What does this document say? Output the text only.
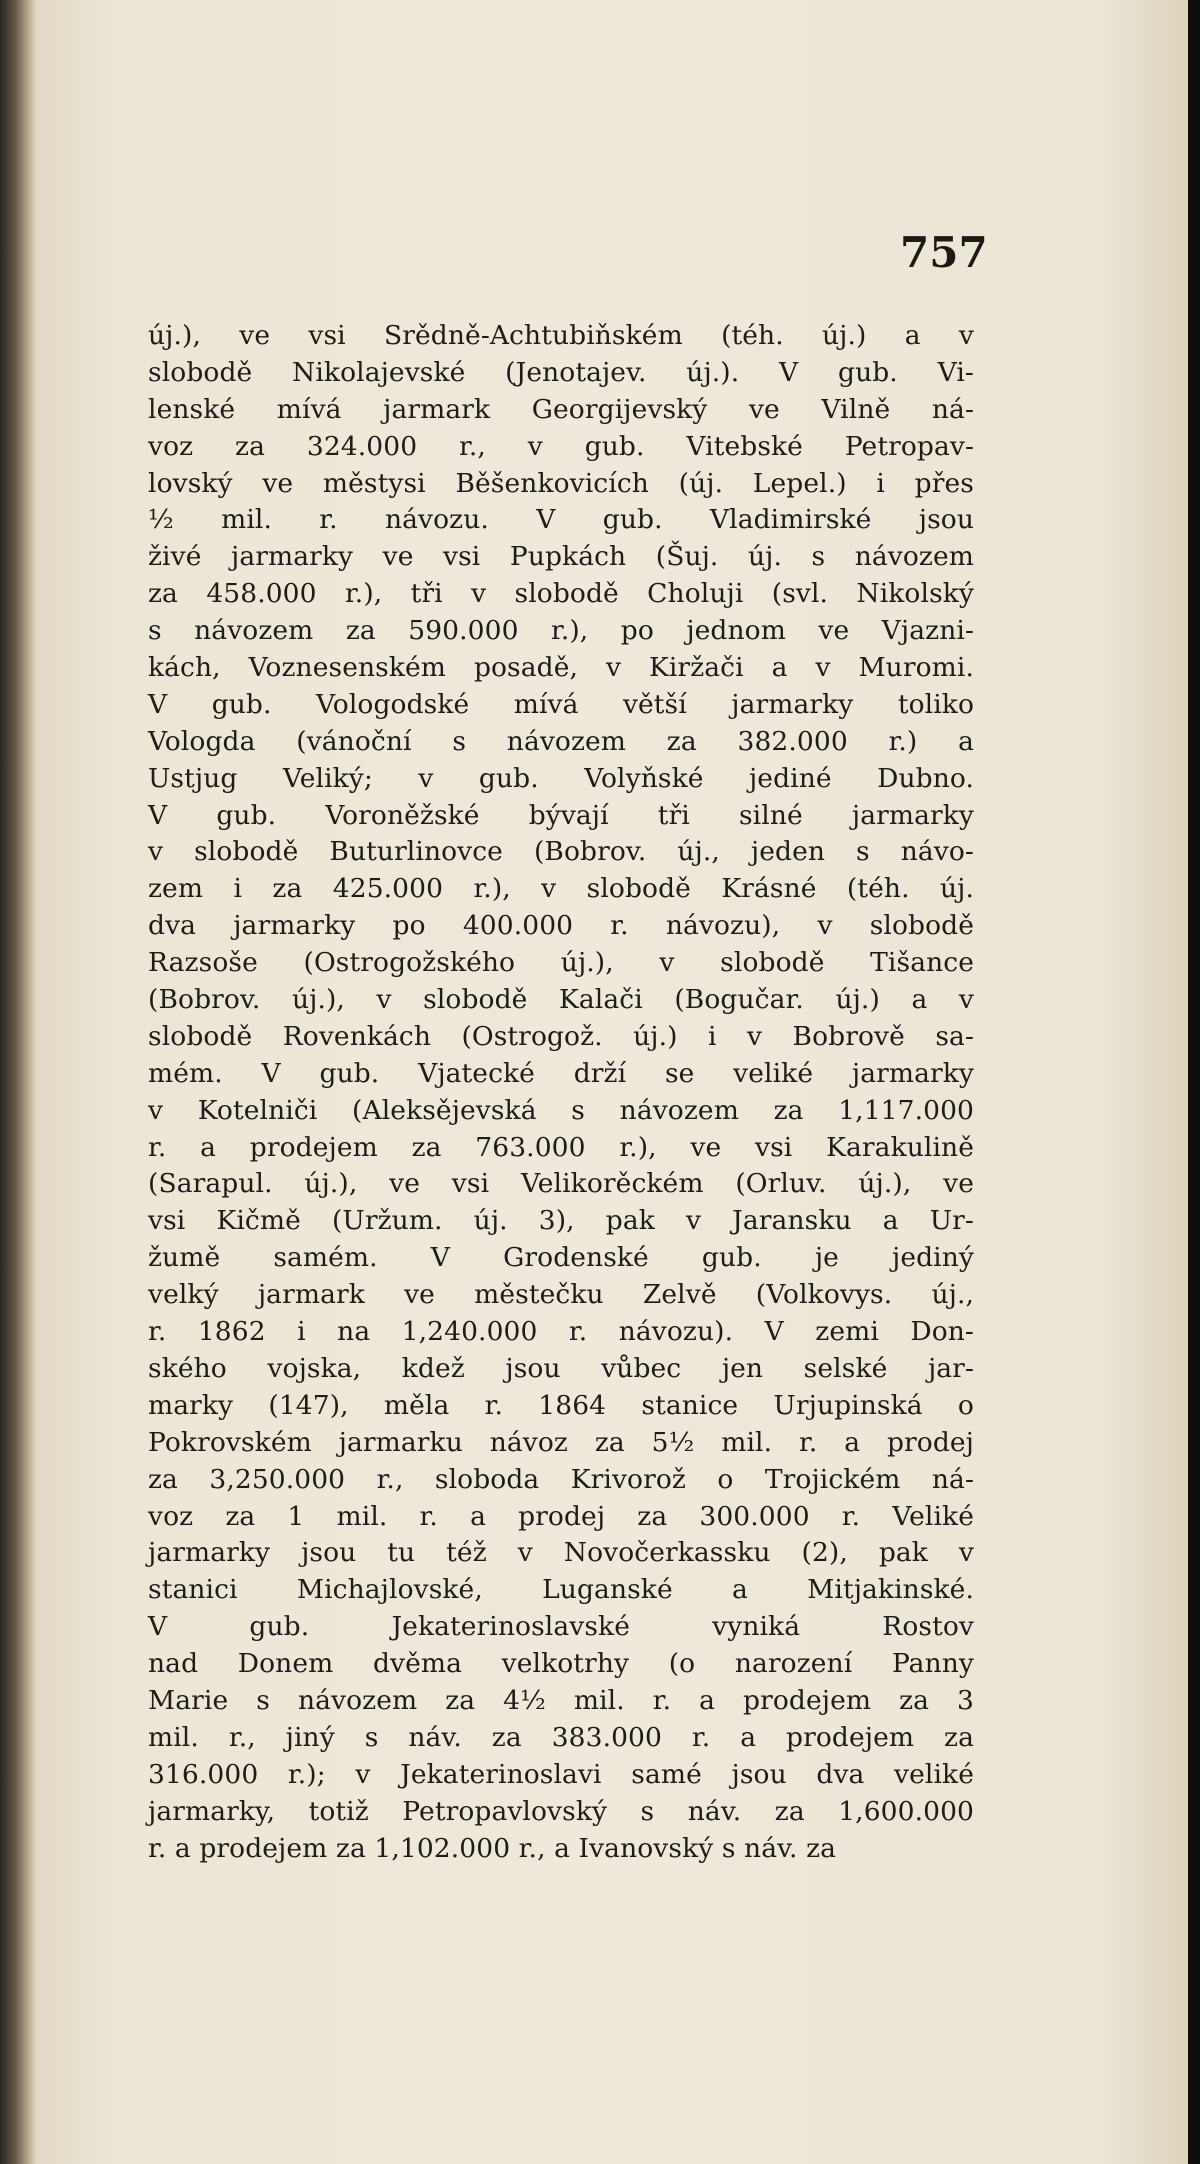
757
új.), ve vsi Srědně-Achtubiňském (téh. új.) a v
slobodě Nikolajevské (Jenotajev. új.). V gub. Vi-
lenské mívá jarmark Georgijevský ve Vilně ná-
voz za 324.000 r., v gub. Vitebské Petropav-
lovský ve městysi Běšenkovicích (új. Lepel.) i přes
½ mil. r. návozu. V gub. Vladimirské jsou
živé jarmarky ve vsi Pupkách (Šuj. új. s návozem
za 458.000 r.), tři v slobodě Choluji (svl. Nikolský
s návozem za 590.000 r.), po jednom ve Vjazni-
kách, Voznesenském posadě, v Kiržači a v Muromi.
V gub. Vologodské mívá větší jarmarky toliko
Vologda (vánoční s návozem za 382.000 r.) a
Ustjug Veliký; v gub. Volyňské jediné Dubno.
V gub. Voroněžské bývají tři silné jarmarky
v slobodě Buturlinovce (Bobrov. új., jeden s návo-
zem i za 425.000 r.), v slobodě Krásné (téh. új.
dva jarmarky po 400.000 r. návozu), v slobodě
Razsoše (Ostrogožského új.), v slobodě Tišance
(Bobrov. új.), v slobodě Kalači (Bogučar. új.) a v
slobodě Rovenkách (Ostrogož. új.) i v Bobrově sa-
mém. V gub. Vjatecké drží se veliké jarmarky
v Kotelniči (Aleksějevská s návozem za 1,117.000
r. a prodejem za 763.000 r.), ve vsi Karakulině
(Sarapul. új.), ve vsi Velikorěckém (Orluv. új.), ve
vsi Kičmě (Uržum. új. 3), pak v Jaransku a Ur-
žumě samém. V Grodenské gub. je jediný
velký jarmark ve městečku Zelvě (Volkovys. új.,
r. 1862 i na 1,240.000 r. návozu). V zemi Don-
ského vojska, kdež jsou vůbec jen selské jar-
marky (147), měla r. 1864 stanice Urjupinská o
Pokrovském jarmarku návoz za 5½ mil. r. a prodej
za 3,250.000 r., sloboda Krivorož o Trojickém ná-
voz za 1 mil. r. a prodej za 300.000 r. Veliké
jarmarky jsou tu též v Novočerkassku (2), pak v
stanici Michajlovské, Luganské a Mitjakinské.
V gub. Jekaterinoslavské vyniká Rostov
nad Donem dvěma velkotrhy (o narození Panny
Marie s návozem za 4½ mil. r. a prodejem za 3
mil. r., jiný s náv. za 383.000 r. a prodejem za
316.000 r.); v Jekaterinoslavi samé jsou dva veliké
jarmarky, totiž Petropavlovský s náv. za 1,600.000
r. a prodejem za 1,102.000 r., a Ivanovský s náv. za
